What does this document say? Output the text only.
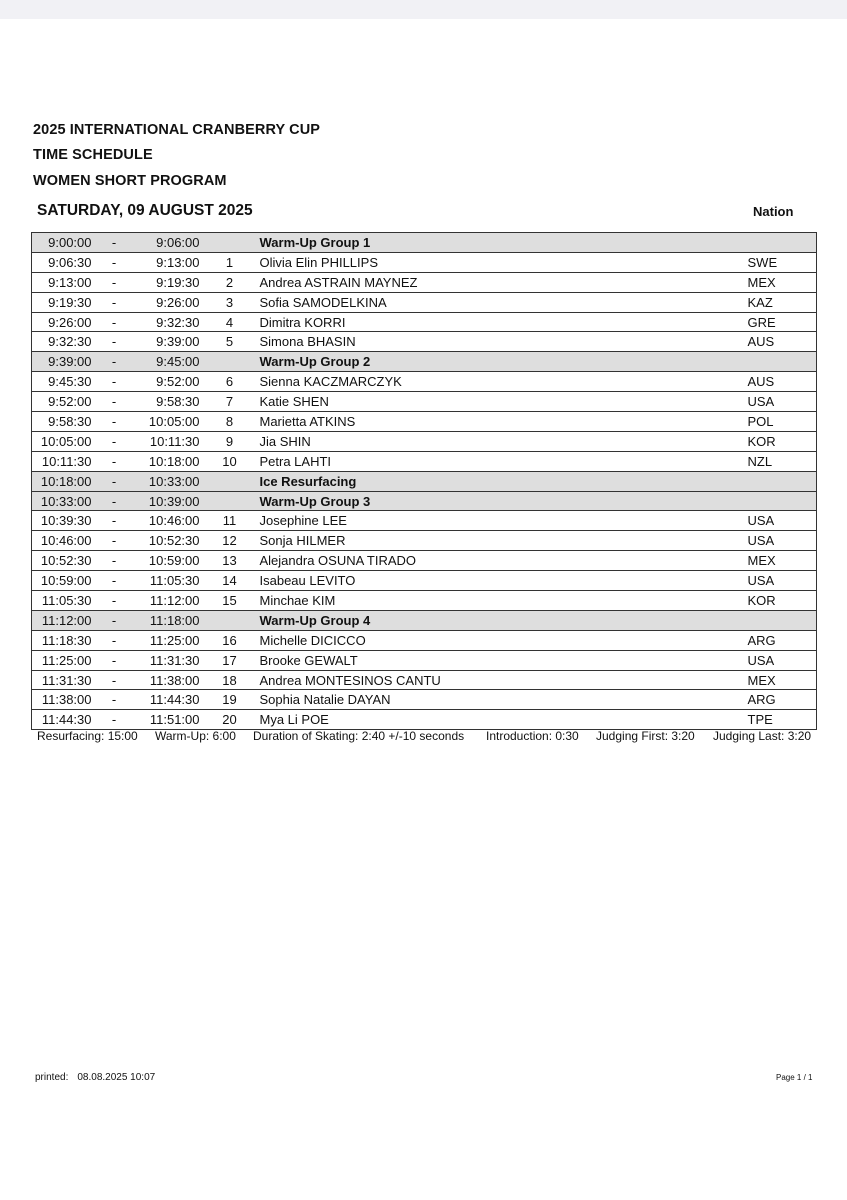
2025 INTERNATIONAL CRANBERRY CUP
TIME SCHEDULE
WOMEN SHORT PROGRAM
SATURDAY, 09 AUGUST 2025	Nation
9:00:00	-	9:06:00		Warm-Up Group 1	
9:06:30	-	9:13:00	1	Olivia Elin PHILLIPS	SWE
9:13:00	-	9:19:30	2	Andrea ASTRAIN MAYNEZ	MEX
9:19:30	-	9:26:00	3	Sofia SAMODELKINA	KAZ
9:26:00	-	9:32:30	4	Dimitra KORRI	GRE
9:32:30	-	9:39:00	5	Simona BHASIN	AUS
9:39:00	-	9:45:00		Warm-Up Group 2	
9:45:30	-	9:52:00	6	Sienna KACZMARCZYK	AUS
9:52:00	-	9:58:30	7	Katie SHEN	USA
9:58:30	-	10:05:00	8	Marietta ATKINS	POL
10:05:00	-	10:11:30	9	Jia SHIN	KOR
10:11:30	-	10:18:00	10	Petra LAHTI	NZL
10:18:00	-	10:33:00		Ice Resurfacing	
10:33:00	-	10:39:00		Warm-Up Group 3	
10:39:30	-	10:46:00	11	Josephine LEE	USA
10:46:00	-	10:52:30	12	Sonja HILMER	USA
10:52:30	-	10:59:00	13	Alejandra OSUNA TIRADO	MEX
10:59:00	-	11:05:30	14	Isabeau LEVITO	USA
11:05:30	-	11:12:00	15	Minchae KIM	KOR
11:12:00	-	11:18:00		Warm-Up Group 4	
11:18:30	-	11:25:00	16	Michelle DICICCO	ARG
11:25:00	-	11:31:30	17	Brooke GEWALT	USA
11:31:30	-	11:38:00	18	Andrea MONTESINOS CANTU	MEX
11:38:00	-	11:44:30	19	Sophia Natalie DAYAN	ARG
11:44:30	-	11:51:00	20	Mya Li POE	TPE
Resurfacing: 15:00 Warm-Up: 6:00 Duration of Skating: 2:40 +/-10 seconds Introduction: 0:30 Judging First: 3:20 Judging Last: 3:20
printed: 08.08.2025 10:07	Page 1 / 1
